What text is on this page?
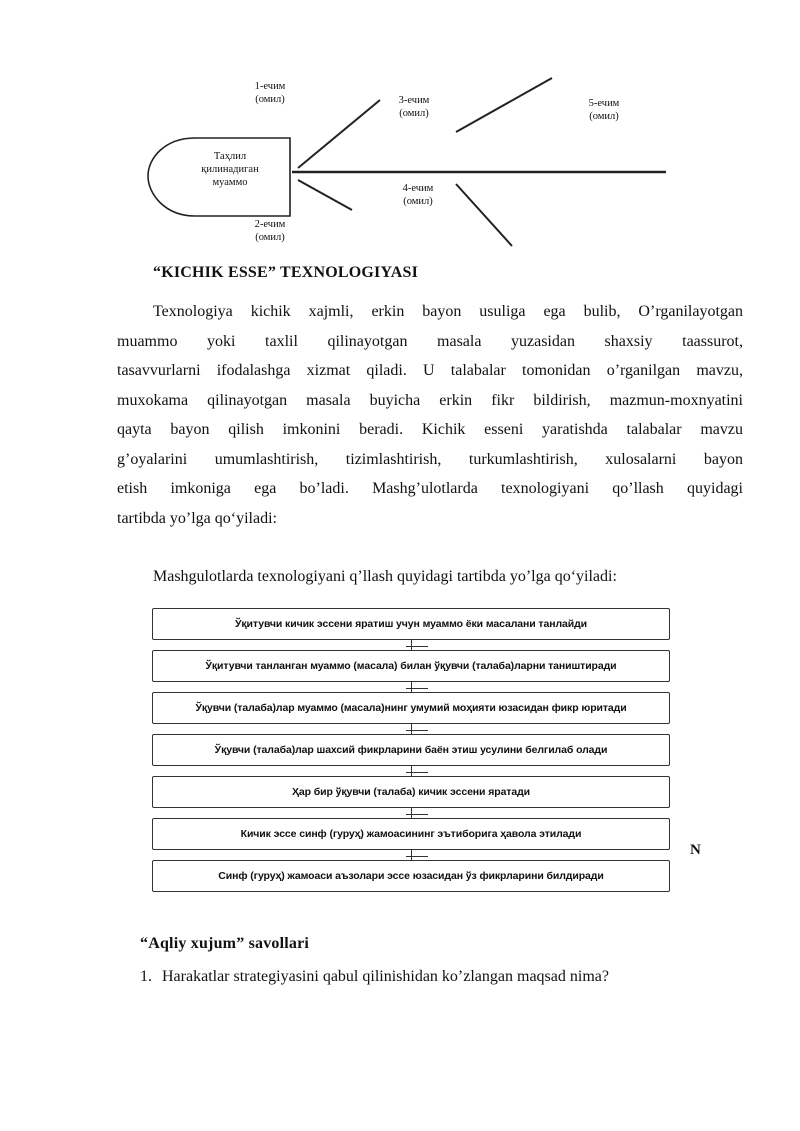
Таҳлил
қилинадиган
муаммо
1-ечим
(омил)
2-ечим
(омил)
3-ечим
(омил)
4-ечим
(омил)
5-ечим
(омил)
“KICHIK ESSE” TEXNOLOGIYASI
Texnologiya kichik xajmli, erkin bayon usuliga ega bulib, O’rganilayotgan
muammo yoki taxlil qilinayotgan masala yuzasidan shaxsiy taassurot,
tasavvurlarni ifodalashga xizmat qiladi. U talabalar tomonidan o’rganilgan mavzu,
muxokama qilinayotgan masala buyicha erkin fikr bildirish, mazmun-moxnyatini
qayta bayon qilish imkonini beradi. Kichik esseni yaratishda talabalar mavzu
g’oyalarini umumlashtirish, tizimlashtirish, turkumlashtirish, xulosalarni bayon
etish imkoniga ega bo’ladi. Mashg’ulotlarda texnologiyani qo’llash quyidagi
tartibda yo’lga qo‘yiladi:
Mashgulotlarda texnologiyani q’llash quyidagi tartibda yo’lga qo‘yiladi:
Ўқитувчи кичик эссени яратиш учун муаммо ёки масалани танлайди
Ўқитувчи танланган муаммо (масала) билан ўқувчи (талаба)ларни таништиради
Ўқувчи (талаба)лар муаммо (масала)нинг умумий моҳияти юзасидан фикр юритади
Ўқувчи (талаба)лар шахсий фикрларини баён этиш усулини белгилаб олади
Ҳар бир ўқувчи (талаба) кичик эссени яратади
Кичик эссе синф (гуруҳ) жамоасининг эътиборига ҳавола этилади
Синф (гуруҳ) жамоаси аъзолари эссе юзасидан ўз фикрларини билдиради
N
“Aqliy xujum” savollari
1. Harakatlar strategiyasini qabul qilinishidan ko’zlangan maqsad nima?
